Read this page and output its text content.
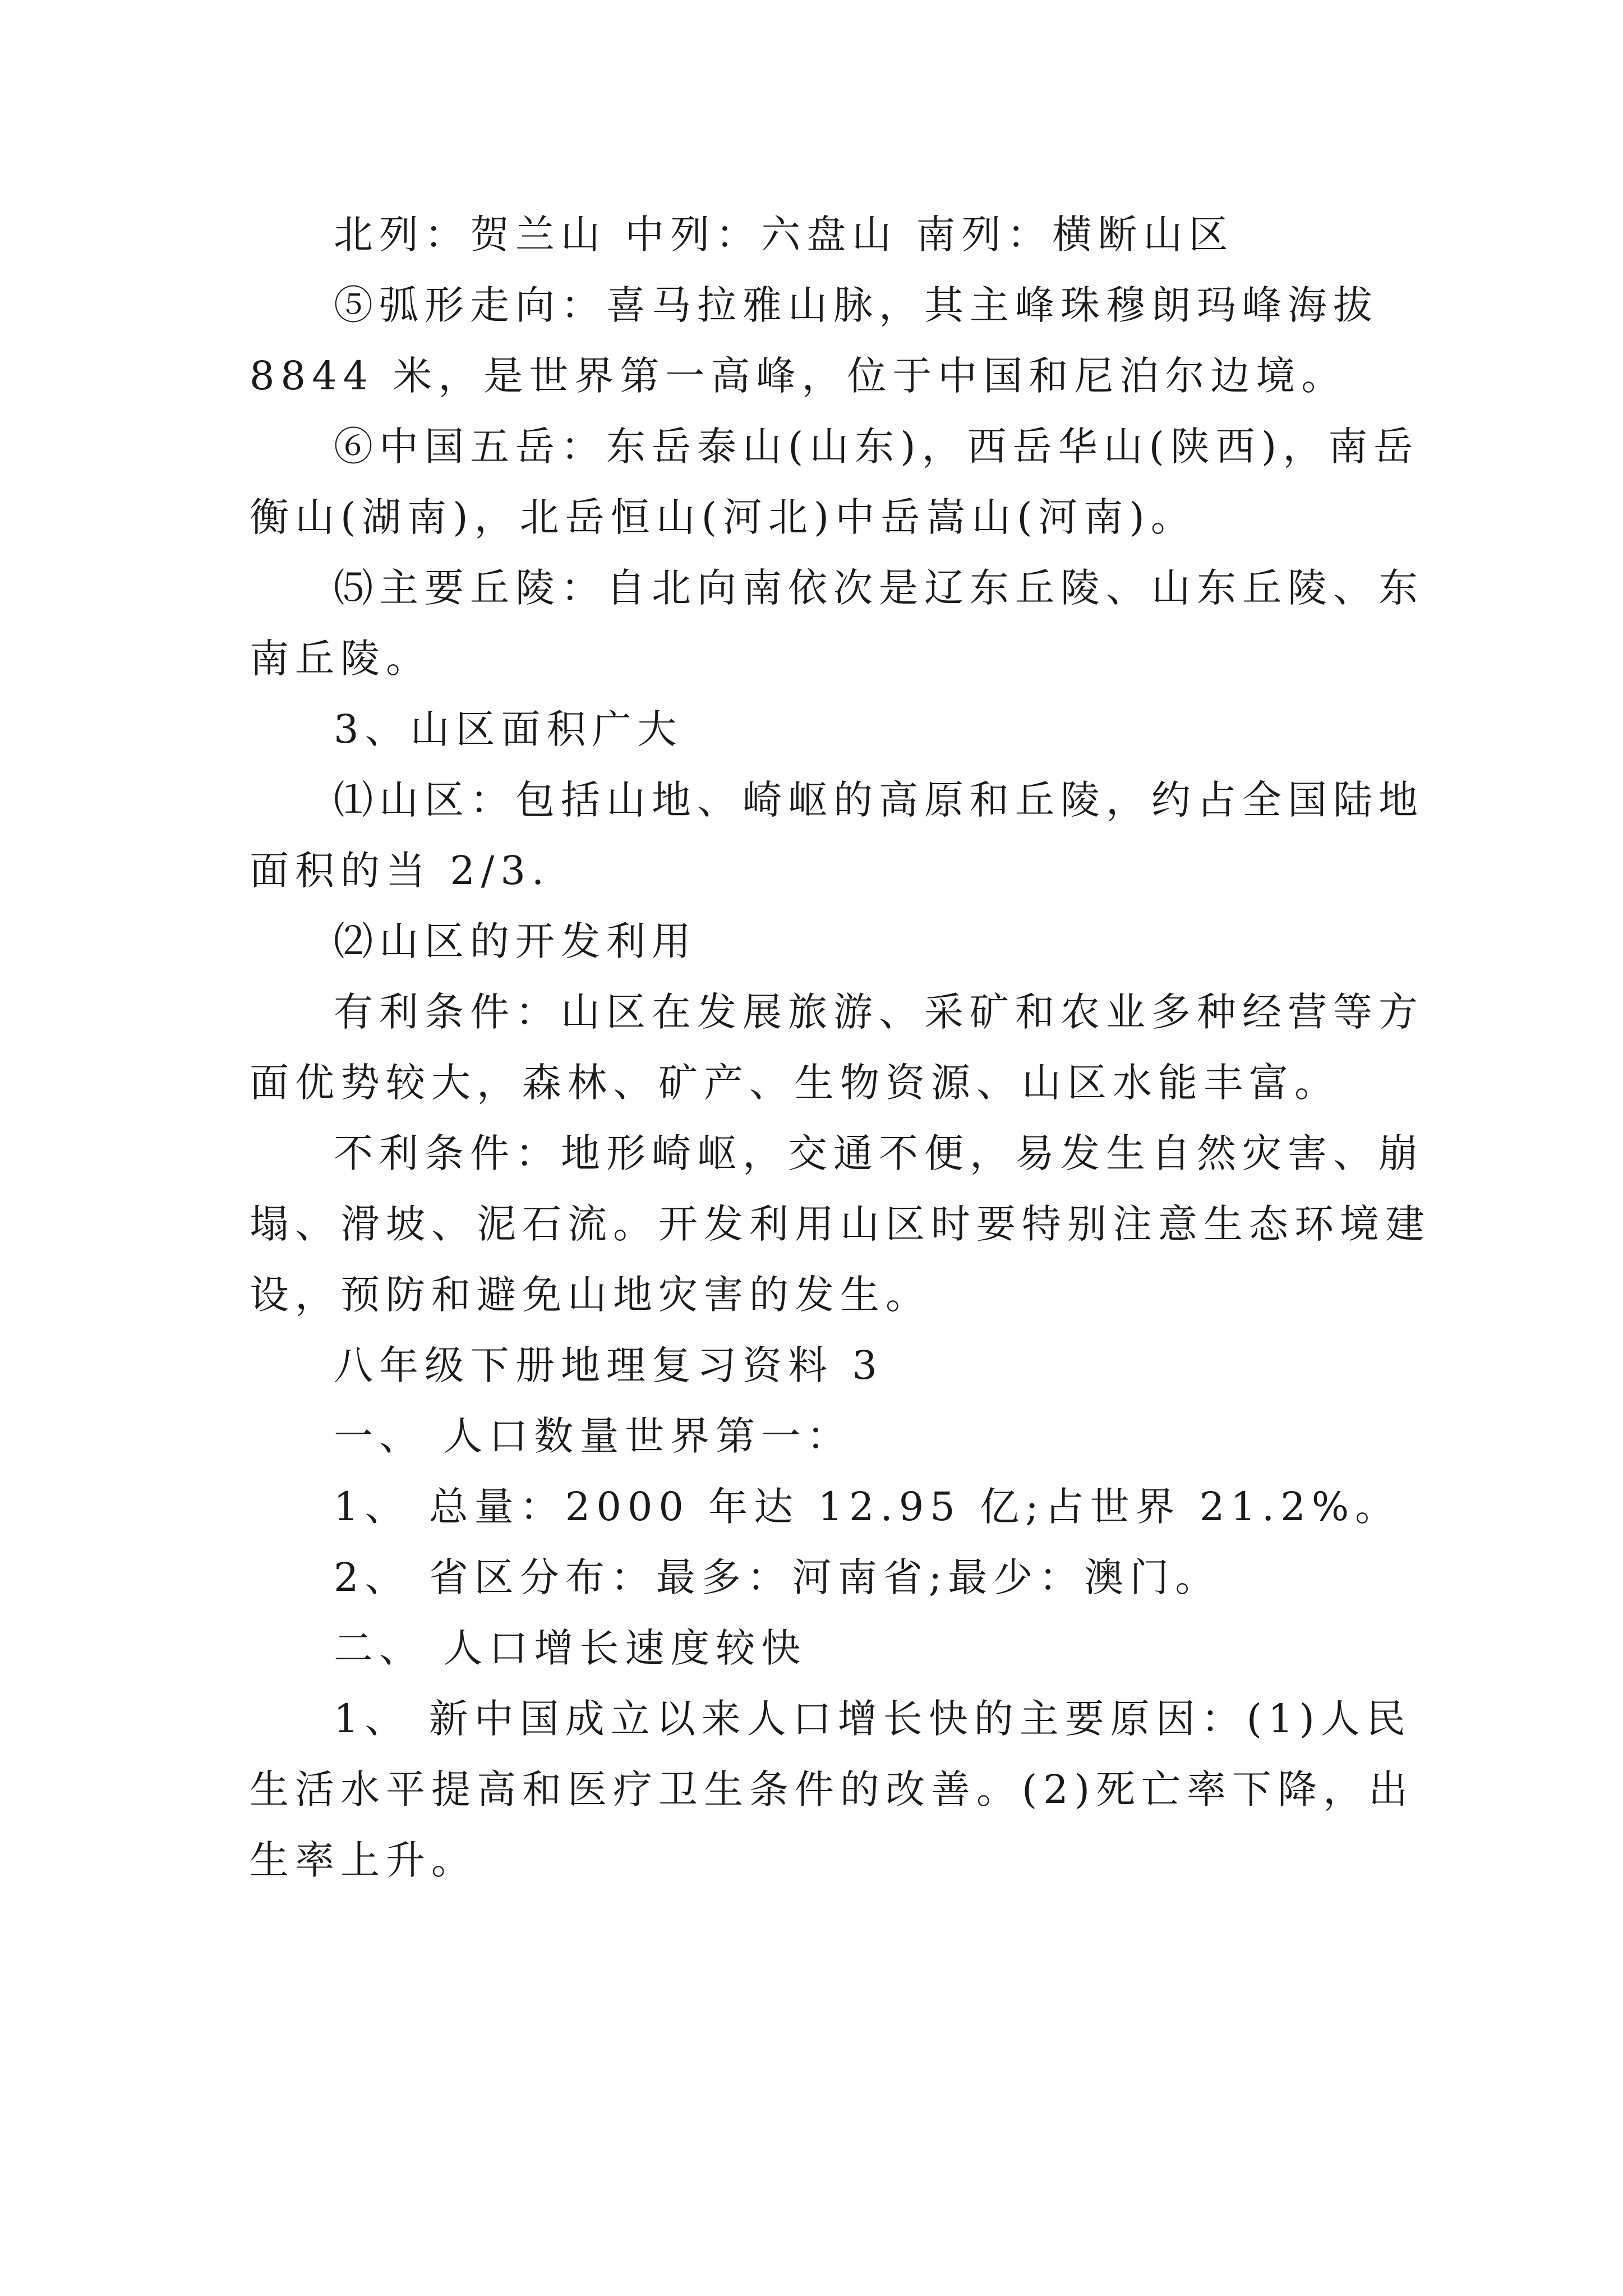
北列：贺兰山 中列：六盘山 南列：横断山区
⑤弧形走向：喜马拉雅山脉，其主峰珠穆朗玛峰海拔
8844 米，是世界第一高峰，位于中国和尼泊尔边境。
⑥中国五岳：东岳泰山(山东)，西岳华山(陕西)，南岳
衡山(湖南)，北岳恒山(河北)中岳嵩山(河南)。
⑸主要丘陵：自北向南依次是辽东丘陵、山东丘陵、东
南丘陵。
3、山区面积广大
⑴山区：包括山地、崎岖的高原和丘陵，约占全国陆地
面积的当 2/3.
⑵山区的开发利用
有利条件：山区在发展旅游、采矿和农业多种经营等方
面优势较大，森林、矿产、生物资源、山区水能丰富。
不利条件：地形崎岖，交通不便，易发生自然灾害、崩
塌、滑坡、泥石流。开发利用山区时要特别注意生态环境建
设，预防和避免山地灾害的发生。
八年级下册地理复习资料 3
一、 人口数量世界第一：
1、 总量：2000 年达 12.95 亿;占世界 21.2%。
2、 省区分布：最多：河南省;最少：澳门。
二、 人口增长速度较快
1、 新中国成立以来人口增长快的主要原因：(1)人民
生活水平提高和医疗卫生条件的改善。(2)死亡率下降，出
生率上升。
